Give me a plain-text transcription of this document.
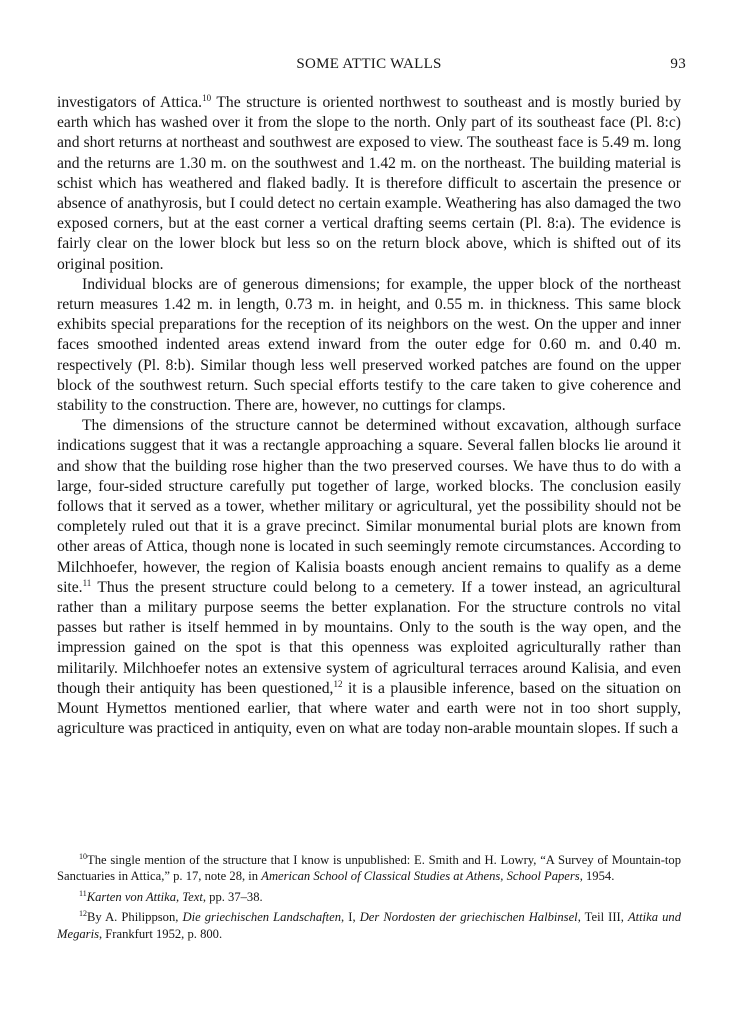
SOME ATTIC WALLS	93

investigators of Attica.$^{10}$ The structure is oriented northwest to southeast and is mostly buried by earth which has washed over it from the slope to the north. Only part of its southeast face (Pl. 8:c) and short returns at northeast and southwest are exposed to view. The southeast face is 5.49 m. long and the returns are 1.30 m. on the southwest and 1.42 m. on the northeast. The building material is schist which has weathered and flaked badly. It is therefore difficult to ascertain the presence or absence of anathyrosis, but I could detect no certain example. Weathering has also damaged the two exposed corners, but at the east corner a vertical drafting seems certain (Pl. 8:a). The evidence is fairly clear on the lower block but less so on the return block above, which is shifted out of its original position.

Individual blocks are of generous dimensions; for example, the upper block of the northeast return measures 1.42 m. in length, 0.73 m. in height, and 0.55 m. in thickness. This same block exhibits special preparations for the reception of its neighbors on the west. On the upper and inner faces smoothed indented areas extend inward from the outer edge for 0.60 m. and 0.40 m. respectively (Pl. 8:b). Similar though less well preserved worked patches are found on the upper block of the southwest return. Such special efforts testify to the care taken to give coherence and stability to the construction. There are, however, no cuttings for clamps.

The dimensions of the structure cannot be determined without excavation, although surface indications suggest that it was a rectangle approaching a square. Several fallen blocks lie around it and show that the building rose higher than the two preserved courses. We have thus to do with a large, four-sided structure carefully put together of large, worked blocks. The conclusion easily follows that it served as a tower, whether military or agricultural, yet the possibility should not be completely ruled out that it is a grave precinct. Similar monumental burial plots are known from other areas of Attica, though none is located in such seemingly remote circumstances. According to Milchhoefer, however, the region of Kalisia boasts enough ancient remains to qualify as a deme site.$^{11}$ Thus the present structure could belong to a cemetery. If a tower instead, an agricultural rather than a military purpose seems the better explanation. For the structure controls no vital passes but rather is itself hemmed in by mountains. Only to the south is the way open, and the impression gained on the spot is that this openness was exploited agriculturally rather than militarily. Milchhoefer notes an extensive system of agricultural terraces around Kalisia, and even though their antiquity has been questioned,$^{12}$ it is a plausible inference, based on the situation on Mount Hymettos mentioned earlier, that where water and earth were not in too short supply, agriculture was practiced in antiquity, even on what are today non-arable mountain slopes. If such a

$^{10}$The single mention of the structure that I know is unpublished: E. Smith and H. Lowry, “A Survey of Mountain-top Sanctuaries in Attica,” p. 17, note 28, in American School of Classical Studies at Athens, School Papers, 1954.

$^{11}$Karten von Attika, Text, pp. 37–38.

$^{12}$By A. Philippson, Die griechischen Landschaften, I, Der Nordosten der griechischen Halbinsel, Teil III, Attika und Megaris, Frankfurt 1952, p. 800.
